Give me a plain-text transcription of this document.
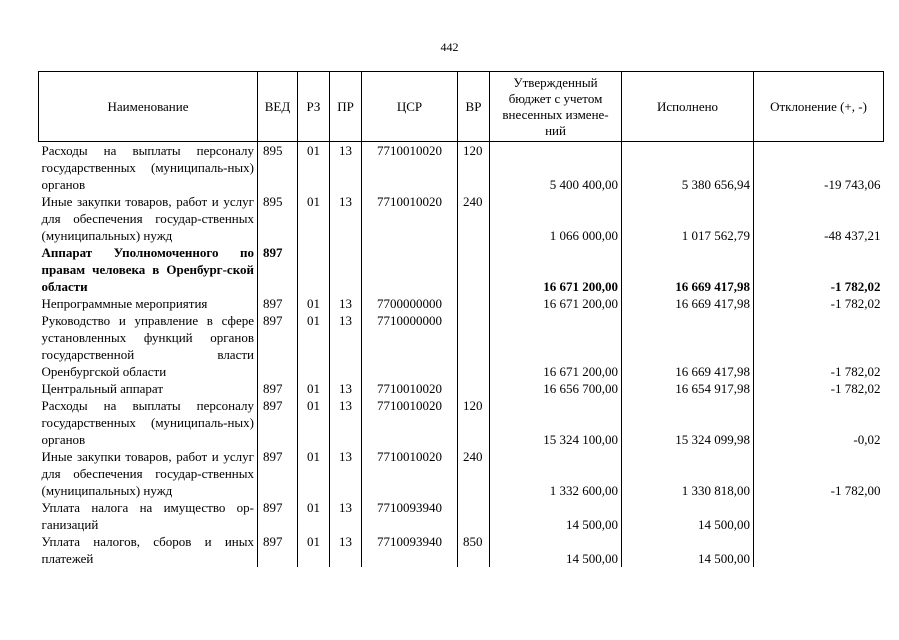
442
Наименование	ВЕД	РЗ	ПР	ЦСР	ВР	Утвержденный бюджет с учетом внесенных измене-ний	Исполнено	Отклонение (+, -)
Расходы на выплаты персоналу государственных (муниципаль-ных) органов	895	01	13	7710010020	120	5 400 400,00	5 380 656,94	-19 743,06
Иные закупки товаров, работ и услуг для обеспечения государ-ственных (муниципальных) нужд	895	01	13	7710010020	240	1 066 000,00	1 017 562,79	-48 437,21
Аппарат Уполномоченного по правам человека в Оренбург-ской области	897					16 671 200,00	16 669 417,98	-1 782,02
Непрограммные мероприятия	897	01	13	7700000000		16 671 200,00	16 669 417,98	-1 782,02
Руководство и управление в сфере установленных функций органов государственной власти Оренбургской области	897	01	13	7710000000		16 671 200,00	16 669 417,98	-1 782,02
Центральный аппарат	897	01	13	7710010020		16 656 700,00	16 654 917,98	-1 782,02
Расходы на выплаты персоналу государственных (муниципаль-ных) органов	897	01	13	7710010020	120	15 324 100,00	15 324 099,98	-0,02
Иные закупки товаров, работ и услуг для обеспечения государ-ственных (муниципальных) нужд	897	01	13	7710010020	240	1 332 600,00	1 330 818,00	-1 782,00
Уплата налога на имущество ор-ганизаций	897	01	13	7710093940		14 500,00	14 500,00	
Уплата налогов, сборов и иных платежей	897	01	13	7710093940	850	14 500,00	14 500,00	
